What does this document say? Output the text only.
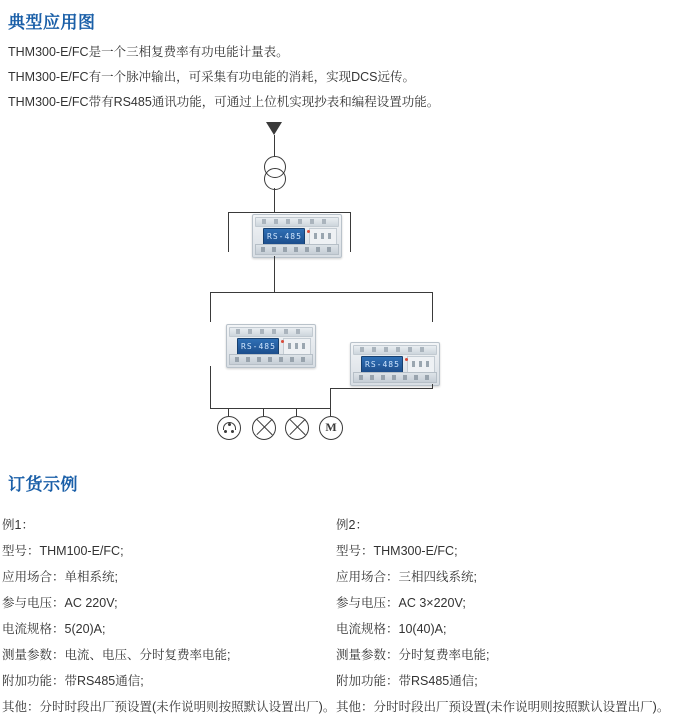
典型应用图
THM300-E/FC是一个三相复费率有功电能计量表。
THM300-E/FC有一个脉冲输出，可采集有功电能的消耗，实现DCS远传。
THM300-E/FC带有RS485通讯功能，可通过上位机实现抄表和编程设置功能。
RS-485
RS-485
RS-485
M
订货示例
例1：
型号：THM100-E/FC;
应用场合：单相系统;
参与电压：AC 220V;
电流规格：5(20)A;
测量参数：电流、电压、分时复费率电能;
附加功能：带RS485通信;
其他：分时时段出厂预设置(未作说明则按照默认设置出厂)。
例2：
型号：THM300-E/FC;
应用场合：三相四线系统;
参与电压：AC 3×220V;
电流规格：10(40)A;
测量参数：分时复费率电能;
附加功能：带RS485通信;
其他：分时时段出厂预设置(未作说明则按照默认设置出厂)。
